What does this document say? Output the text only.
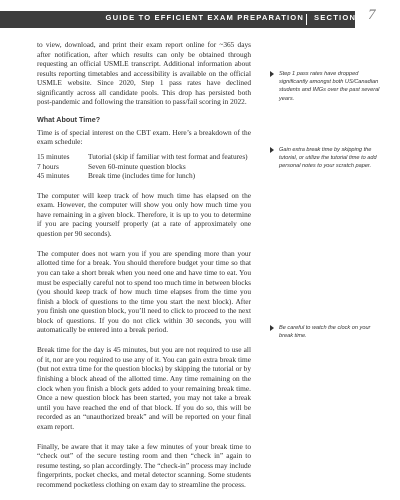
GUIDE TO EFFICIENT EXAM PREPARATION SECTION I 7

to view, download, and print their exam report online for ~365 days after notification, after which results can only be obtained through requesting an official USMLE transcript. Additional information about results reporting timetables and accessibility is available on the official USMLE website. Since 2020, Step 1 pass rates have declined significantly across all candidate pools. This drop has persisted both post-pandemic and following the transition to pass/fail scoring in 2022.

What About Time?

Time is of special interest on the CBT exam. Here’s a breakdown of the exam schedule:

15 minutes	Tutorial (skip if familiar with test format and features)
7 hours	Seven 60-minute question blocks
45 minutes	Break time (includes time for lunch)

The computer will keep track of how much time has elapsed on the exam. However, the computer will show you only how much time you have remaining in a given block. Therefore, it is up to you to determine if you are pacing yourself properly (at a rate of approximately one question per 90 seconds).

The computer does not warn you if you are spending more than your allotted time for a break. You should therefore budget your time so that you can take a short break when you need one and have time to eat. You must be especially careful not to spend too much time in between blocks (you should keep track of how much time elapses from the time you finish a block of questions to the time you start the next block). After you finish one question block, you’ll need to click to proceed to the next block of questions. If you do not click within 30 seconds, you will automatically be entered into a break period.

Break time for the day is 45 minutes, but you are not required to use all of it, nor are you required to use any of it. You can gain extra break time (but not extra time for the question blocks) by skipping the tutorial or by finishing a block ahead of the allotted time. Any time remaining on the clock when you finish a block gets added to your remaining break time. Once a new question block has been started, you may not take a break until you have reached the end of that block. If you do so, this will be recorded as an “unauthorized break” and will be reported on your final exam report.

Finally, be aware that it may take a few minutes of your break time to “check out” of the secure testing room and then “check in” again to resume testing, so plan accordingly. The “check-in” process may include fingerprints, pocket checks, and metal detector scanning. Some students recommend pocketless clothing on exam day to streamline the process.

Step 1 pass rates have dropped significantly amongst both US/Canadian students and IMGs over the past several years.
Gain extra break time by skipping the tutorial, or utilize the tutorial time to add personal notes to your scratch paper.
Be careful to watch the clock on your break time.
